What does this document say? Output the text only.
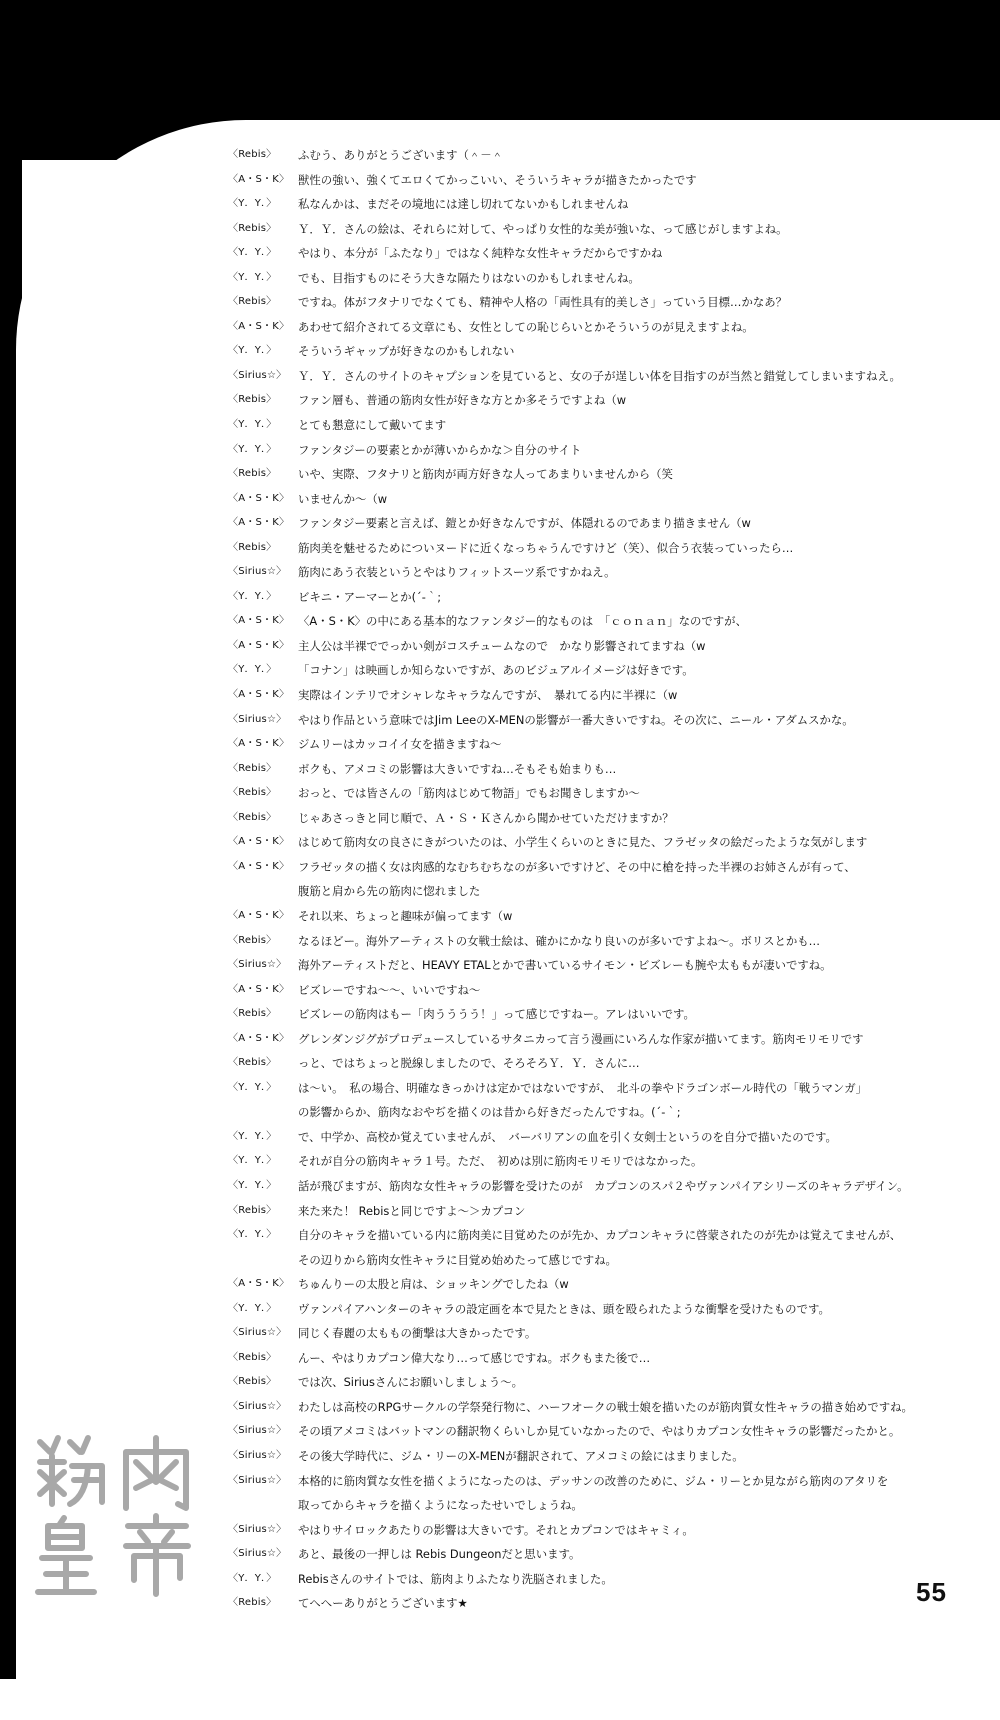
〈Rebis〉	ふむう、ありがとうございます（＾－＾
〈A・S・K〉 獣性の強い、強くてエロくてかっこいい、そういうキャラが描きたかったです
〈Y．Y．〉	私なんかは、まだその境地には達し切れてないかもしれませんね
〈Rebis〉	Ｙ．Ｙ．さんの絵は、それらに対して、やっぱり女性的な美が強いな、って感じがしますよね。
〈Y．Y．〉	やはり、本分が「ふたなり」ではなく純粋な女性キャラだからですかね
〈Y．Y．〉	でも、目指すものにそう大きな隔たりはないのかもしれませんね。
〈Rebis〉	ですね。体がフタナリでなくても、精神や人格の「両性具有的美しさ」っていう目標…かなあ？
〈A・S・K〉 あわせて紹介されてる文章にも、女性としての恥じらいとかそういうのが見えますよね。
〈Y．Y．〉	そういうギャップが好きなのかもしれない
〈Sirius☆〉	Ｙ．Ｙ．さんのサイトのキャプションを見ていると、女の子が逞しい体を目指すのが当然と錯覚してしまいますねえ。
〈Rebis〉	ファン層も、普通の筋肉女性が好きな方とか多そうですよね（w
〈Y．Y．〉	とても懇意にして戴いてます
〈Y．Y．〉	ファンタジーの要素とかが薄いからかな＞自分のサイト
〈Rebis〉	いや、実際、フタナリと筋肉が両方好きな人ってあまりいませんから（笑
〈A・S・K〉 いませんか～（w
〈A・S・K〉 ファンタジー要素と言えば、鎧とか好きなんですが、体隠れるのであまり描きません（w
〈Rebis〉	筋肉美を魅せるためについヌードに近くなっちゃうんですけど（笑）、似合う衣装っていったら…
〈Sirius☆〉	筋肉にあう衣装というとやはりフィットスーツ系ですかねえ。
〈Y．Y．〉	ビキニ・アーマーとか(´-｀;
〈A・S・K〉 〈A・S・K〉の中にある基本的なファンタジー的なものは　「ｃｏｎａｎ」なのですが、
〈A・S・K〉 主人公は半裸ででっかい剣がコスチュームなので　かなり影響されてますね（w
〈Y．Y．〉	「コナン」は映画しか知らないですが、あのビジュアルイメージは好きです。
〈A・S・K〉 実際はインテリでオシャレなキャラなんですが、　暴れてる内に半裸に（w
〈Sirius☆〉	やはり作品という意味ではJim LeeのX-MENの影響が一番大きいですね。その次に、ニール・アダムスかな。
〈A・S・K〉 ジムリーはカッコイイ女を描きますね～
〈Rebis〉	ボクも、アメコミの影響は大きいですね…そもそも始まりも…
〈Rebis〉	おっと、では皆さんの「筋肉はじめて物語」でもお聞きしますか～
〈Rebis〉	じゃあさっきと同じ順で、Ａ・Ｓ・Ｋさんから聞かせていただけますか？
〈A・S・K〉 はじめて筋肉女の良さにきがついたのは、小学生くらいのときに見た、フラゼッタの絵だったような気がします
〈A・S・K〉 フラゼッタの描く女は肉感的なむちむちなのが多いですけど、その中に槍を持った半裸のお姉さんが有って、
腹筋と肩から先の筋肉に惚れました
〈A・S・K〉 それ以来、ちょっと趣味が偏ってます（w
〈Rebis〉	なるほどー。海外アーティストの女戦士絵は、確かにかなり良いのが多いですよね～。ボリスとかも…
〈Sirius☆〉	海外アーティストだと、HEAVY ETALとかで書いているサイモン・ビズレーも腕や太ももが凄いですね。
〈A・S・K〉 ビズレーですね～～、いいですね～
〈Rebis〉	ビズレーの筋肉はもー「肉うううう！」って感じですねー。アレはいいです。
〈A・S・K〉 グレンダンジグがプロデュースしているサタニカって言う漫画にいろんな作家が描いてます。筋肉モリモリです
〈Rebis〉	っと、ではちょっと脱線しましたので、そろそろＹ．Ｙ．さんに…
〈Y．Y．〉	は～い。　私の場合、明確なきっかけは定かではないですが、　北斗の拳やドラゴンボール時代の「戦うマンガ」
の影響からか、筋肉なおやぢを描くのは昔から好きだったんですね。(´-｀;
〈Y．Y．〉	で、中学か、高校か覚えていませんが、　バーバリアンの血を引く女剣士というのを自分で描いたのです。
〈Y．Y．〉	それが自分の筋肉キャラ１号。ただ、　初めは別に筋肉モリモリではなかった。
〈Y．Y．〉	話が飛びますが、筋肉な女性キャラの影響を受けたのが　カプコンのスパ２やヴァンパイアシリーズのキャラデザイン。
〈Rebis〉	来た来た！ Rebisと同じですよ～＞カプコン
〈Y．Y．〉	自分のキャラを描いている内に筋肉美に目覚めたのが先か、カプコンキャラに啓蒙されたのが先かは覚えてませんが、
その辺りから筋肉女性キャラに目覚め始めたって感じですね。
〈A・S・K〉 ちゅんりーの太股と肩は、ショッキングでしたね（w
〈Y．Y．〉	ヴァンパイアハンターのキャラの設定画を本で見たときは、頭を殴られたような衝撃を受けたものです。
〈Sirius☆〉	同じく春麗の太ももの衝撃は大きかったです。
〈Rebis〉	んー、やはりカプコン偉大なり…って感じですね。ボクもまた後で…
〈Rebis〉	では次、Siriusさんにお願いしましょう～。
〈Sirius☆〉	わたしは高校のRPGサークルの学祭発行物に、ハーフオークの戦士娘を描いたのが筋肉質女性キャラの描き始めですね。
〈Sirius☆〉	その頃アメコミはバットマンの翻訳物くらいしか見ていなかったので、やはりカプコン女性キャラの影響だったかと。
〈Sirius☆〉	その後大学時代に、ジム・リーのX-MENが翻訳されて、アメコミの絵にはまりました。
〈Sirius☆〉	本格的に筋肉質な女性を描くようになったのは、デッサンの改善のために、ジム・リーとか見ながら筋肉のアタリを
取ってからキャラを描くようになったせいでしょうね。
〈Sirius☆〉	やはりサイロックあたりの影響は大きいです。それとカプコンではキャミィ。
〈Sirius☆〉	あと、最後の一押しは Rebis Dungeonだと思います。
〈Y．Y．〉	Rebisさんのサイトでは、筋肉よりふたなり洗脳されました。
〈Rebis〉	てへへーありがとうございます★
筋肉皇帝
55
